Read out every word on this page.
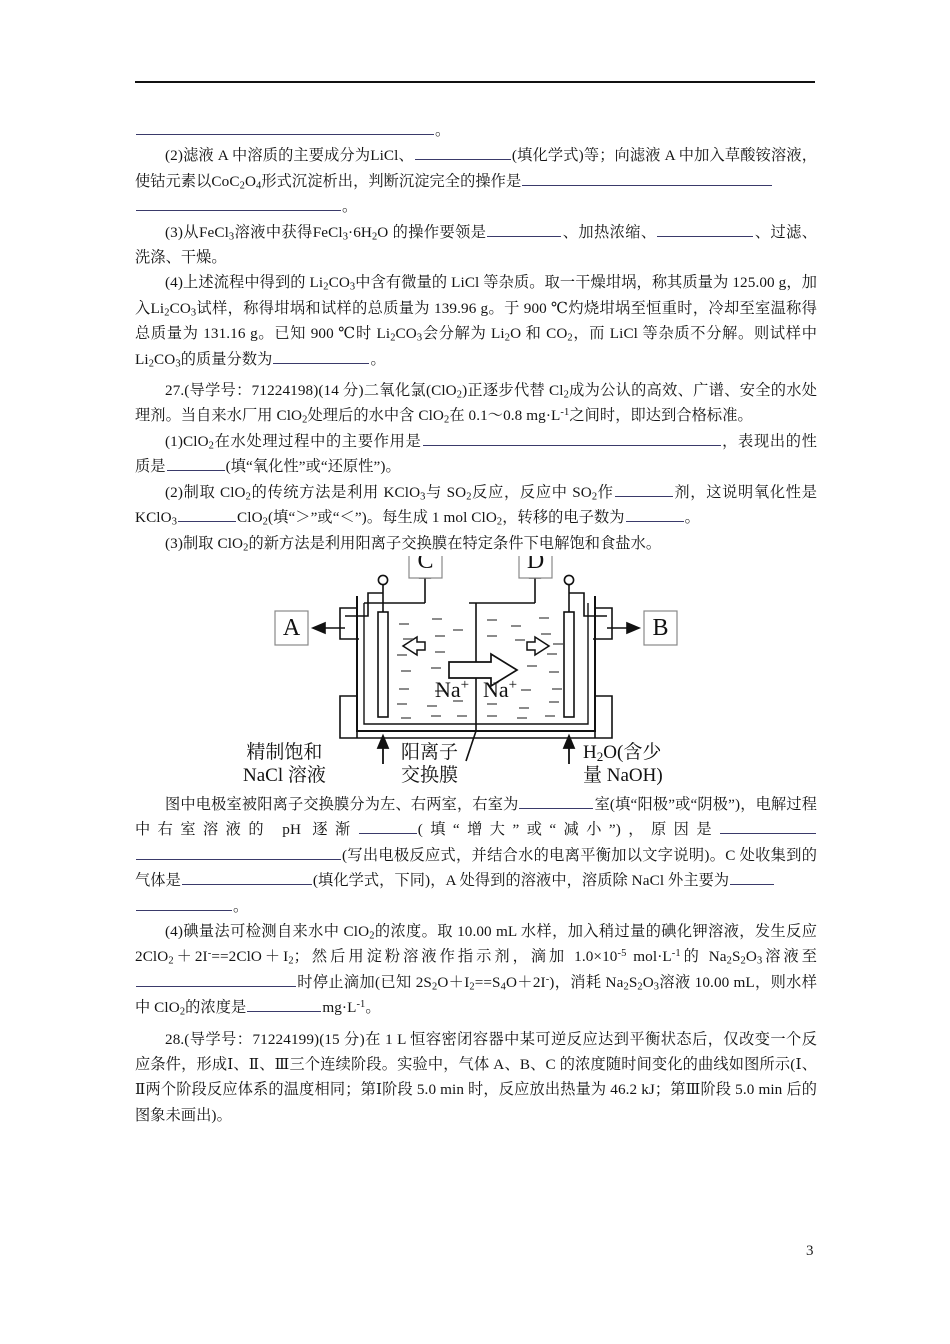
。

(2)滤液 A 中溶质的主要成分为LiCl、	(填化学式)等；向滤液 A 中加入草酸铵溶液，使钴元素以$CoC_2O_4$形式沉淀析出，判断沉淀完全的操作是

。

(3)从FeCl$_3$溶液中获得$FeCl_3\cdot 6H_2O$ 的操作要领是	、加热浓缩、	、过滤、洗涤、干燥。

(4)上述流程中得到的 $Li_2CO_3$中含有微量的 LiCl 等杂质。取一干燥坩埚，称其质量为 125.00 g，加入$Li_2CO_3$试样，称得坩埚和试样的总质量为 139.96 g。于 900 ℃灼烧坩埚至恒重时，冷却至室温称得总质量为 131.16 g。已知 900 ℃时 $Li_2CO_3$会分解为 $Li_2O$ 和 $CO_2$，而 LiCl 等杂质不分解。则试样中$Li_2CO_3$的质量分数为	。

27.(导学号：71224198)(14 分)二氧化氯(ClO$_2$)正逐步代替 $Cl_2$成为公认的高效、广谱、安全的水处理剂。当自来水厂用 ClO$_2$处理后的水中含 ClO$_2$在 0.1～0.8 $mg\cdot L^{-1}$之间时，即达到合格标准。

(1)ClO$_2$在水处理过程中的主要作用是	，表现出的性质是	(填“氧化性”或“还原性”)。

(2)制取 ClO$_2$的传统方法是利用 KClO$_3$与 $SO_2$反应，反应中 $SO_2$作	剂，这说明氧化性是 KClO$_3$	ClO$_2$(填“＞”或“＜”)。每生成 1 mol ClO$_2$，转移的电子数为	。

(3)制取 ClO$_2$的新方法是利用阳离子交换膜在特定条件下电解饱和食盐水。

C	D
A	B
Na+ Na+
精制饱和
NaCl 溶液
阳离子
交换膜
$H_2O$(含少
量 NaOH)

图中电极室被阳离子交换膜分为左、右两室，右室为	室(填“阳极”或“阴极”)，电解过程中右室溶液的 pH 逐渐	(填“增大”或“减小”)，原因是(写出电极反应式，并结合水的电离平衡加以文字说明)。C 处收集到的气体是	(填化学式，下同)，A 处得到的溶液中，溶质除 NaCl 外主要为

。

(4)碘量法可检测自来水中 ClO$_2$的浓度。取 10.00 mL 水样，加入稍过量的碘化钾溶液，发生反应 $2ClO_2+2I^-==2ClO+I_2$；然后用淀粉溶液作指示剂，滴加 $1.0\times 10^{-5}$ $mol\cdot L^{-1}$的 $Na_2S_2O_3$溶液至时停止滴加(已知 $2S_2O+I_2==S_4O+2I^-$)，消耗 $Na_2S_2O_3$溶液 10.00 mL，则水样中 ClO$_2$的浓度是	$mg\cdot L^{-1}$。

28.(导学号：71224199)(15 分)在 1 L 恒容密闭容器中某可逆反应达到平衡状态后，仅改变一个反应条件，形成Ⅰ、Ⅱ、Ⅲ三个连续阶段。实验中，气体 A、B、C 的浓度随时间变化的曲线如图所示(Ⅰ、Ⅱ两个阶段反应体系的温度相同；第Ⅰ阶段 5.0 min 时，反应放出热量为 46.2 kJ；第Ⅲ阶段 5.0 min 后的图象未画出)。

3
